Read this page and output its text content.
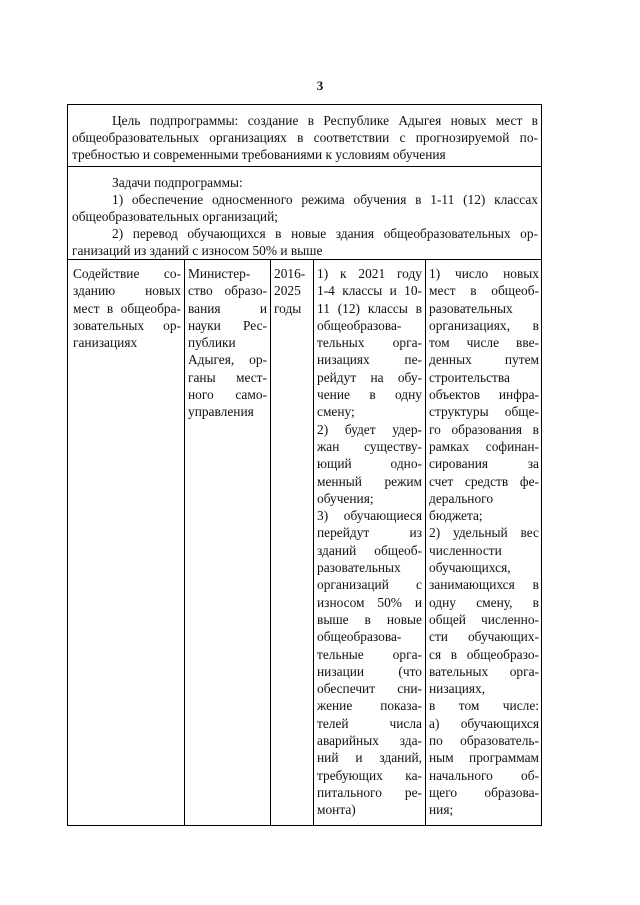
3
Цель подпрограммы: создание в Республике Адыгея новых мест в
общеобразовательных организациях в соответствии с прогнозируемой по-
требностью и современными требованиями к условиям обучения
Задачи подпрограммы:
1) обеспечение односменного режима обучения в 1-11 (12) классах
общеобразовательных организаций;
2) перевод обучающихся в новые здания общеобразовательных ор-
ганизаций из зданий с износом 50% и выше
Содействие со-
зданию новых
мест в общеобра-
зовательных ор-
ганизациях
Министер-
ство образо-
вания и
науки Рес-
публики
Адыгея, ор-
ганы мест-
ного само-
управления
2016-
2025
годы
1) к 2021 году
1-4 классы и 10-
11 (12) классы в
общеобразова-
тельных орга-
низациях пе-
рейдут на обу-
чение в одну
смену;
2) будет удер-
жан существу-
ющий одно-
менный режим
обучения;
3) обучающиеся
перейдут из
зданий общеоб-
разовательных
организаций с
износом 50% и
выше в новые
общеобразова-
тельные орга-
низации (что
обеспечит сни-
жение показа-
телей числа
аварийных зда-
ний и зданий,
требующих ка-
питального ре-
монта)
1) число новых
мест в общеоб-
разовательных
организациях, в
том числе вве-
денных путем
строительства
объектов инфра-
структуры обще-
го образования в
рамках софинан-
сирования за
счет средств фе-
дерального
бюджета;
2) удельный вес
численности
обучающихся,
занимающихся в
одну смену, в
общей численно-
сти обучающих-
ся в общеобразо-
вательных орга-
низациях,
в том числе:
а) обучающихся
по образователь-
ным программам
начального об-
щего образова-
ния;
